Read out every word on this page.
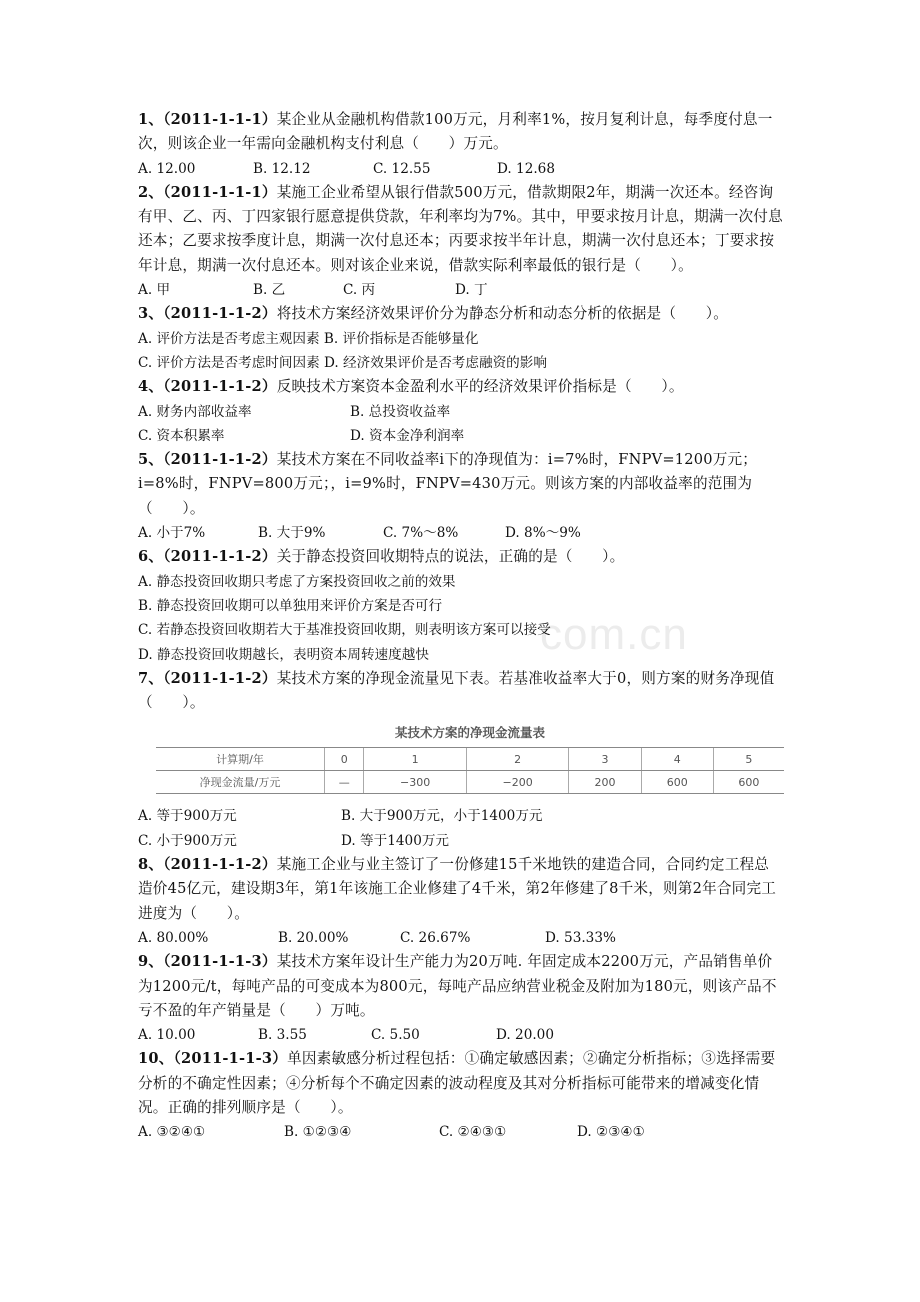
com.cn
1、（2011-1-1-1）某企业从金融机构借款100万元，月利率1%，按月复利计息，每季度付息一次，则该企业一年需向金融机构支付利息（　　）万元。
A. 12.00	B. 12.12	C. 12.55	D. 12.68
2、（2011-1-1-1）某施工企业希望从银行借款500万元，借款期限2年，期满一次还本。经咨询有甲、乙、丙、丁四家银行愿意提供贷款，年利率均为7%。其中，甲要求按月计息，期满一次付息还本；乙要求按季度计息，期满一次付息还本；丙要求按半年计息，期满一次付息还本；丁要求按年计息，期满一次付息还本。则对该企业来说，借款实际利率最低的银行是（　　）。
A. 甲	B. 乙	C. 丙	D. 丁
3、（2011-1-1-2）将技术方案经济效果评价分为静态分析和动态分析的依据是（　　）。
A. 评价方法是否考虑主观因素 B. 评价指标是否能够量化
C. 评价方法是否考虑时间因素 D. 经济效果评价是否考虑融资的影响
4、（2011-1-1-2）反映技术方案资本金盈利水平的经济效果评价指标是（　　）。
A. 财务内部收益率	B. 总投资收益率
C. 资本积累率	D. 资本金净利润率
5、（2011-1-1-2）某技术方案在不同收益率i下的净现值为：i=7%时，FNPV=1200万元；i=8%时，FNPV=800万元；，i=9%时，FNPV=430万元。则该方案的内部收益率的范围为（　　）。
A. 小于7%	B. 大于9%	C. 7%～8%	D. 8%～9%
6、（2011-1-1-2）关于静态投资回收期特点的说法，正确的是（　　）。
A. 静态投资回收期只考虑了方案投资回收之前的效果
B. 静态投资回收期可以单独用来评价方案是否可行
C. 若静态投资回收期若大于基准投资回收期，则表明该方案可以接受
D. 静态投资回收期越长，表明资本周转速度越快
7、（2011-1-1-2）某技术方案的净现金流量见下表。若基准收益率大于0，则方案的财务净现值（　　）。
某技术方案的净现金流量表
计算期/年	0	1	2	3	4	5
净现金流量/万元	—	−300	−200	200	600	600
A. 等于900万元	B. 大于900万元，小于1400万元
C. 小于900万元	D. 等于1400万元
8、（2011-1-1-2）某施工企业与业主签订了一份修建15千米地铁的建造合同，合同约定工程总造价45亿元，建设期3年，第1年该施工企业修建了4千米，第2年修建了8千米，则第2年合同完工进度为（　　）。
A. 80.00%	B. 20.00%	C. 26.67%	D. 53.33%
9、（2011-1-1-3）某技术方案年设计生产能力为20万吨. 年固定成本2200万元，产品销售单价为1200元/t，每吨产品的可变成本为800元，每吨产品应纳营业税金及附加为180元，则该产品不亏不盈的年产销量是（　　）万吨。
A. 10.00	B. 3.55	C. 5.50	D. 20.00
10、（2011-1-1-3）单因素敏感分析过程包括：①确定敏感因素；②确定分析指标；③选择需要分析的不确定性因素；④分析每个不确定因素的波动程度及其对分析指标可能带来的增减变化情况。正确的排列顺序是（　　）。
A. ③②④①	B. ①②③④	C. ②④③①	D. ②③④①
